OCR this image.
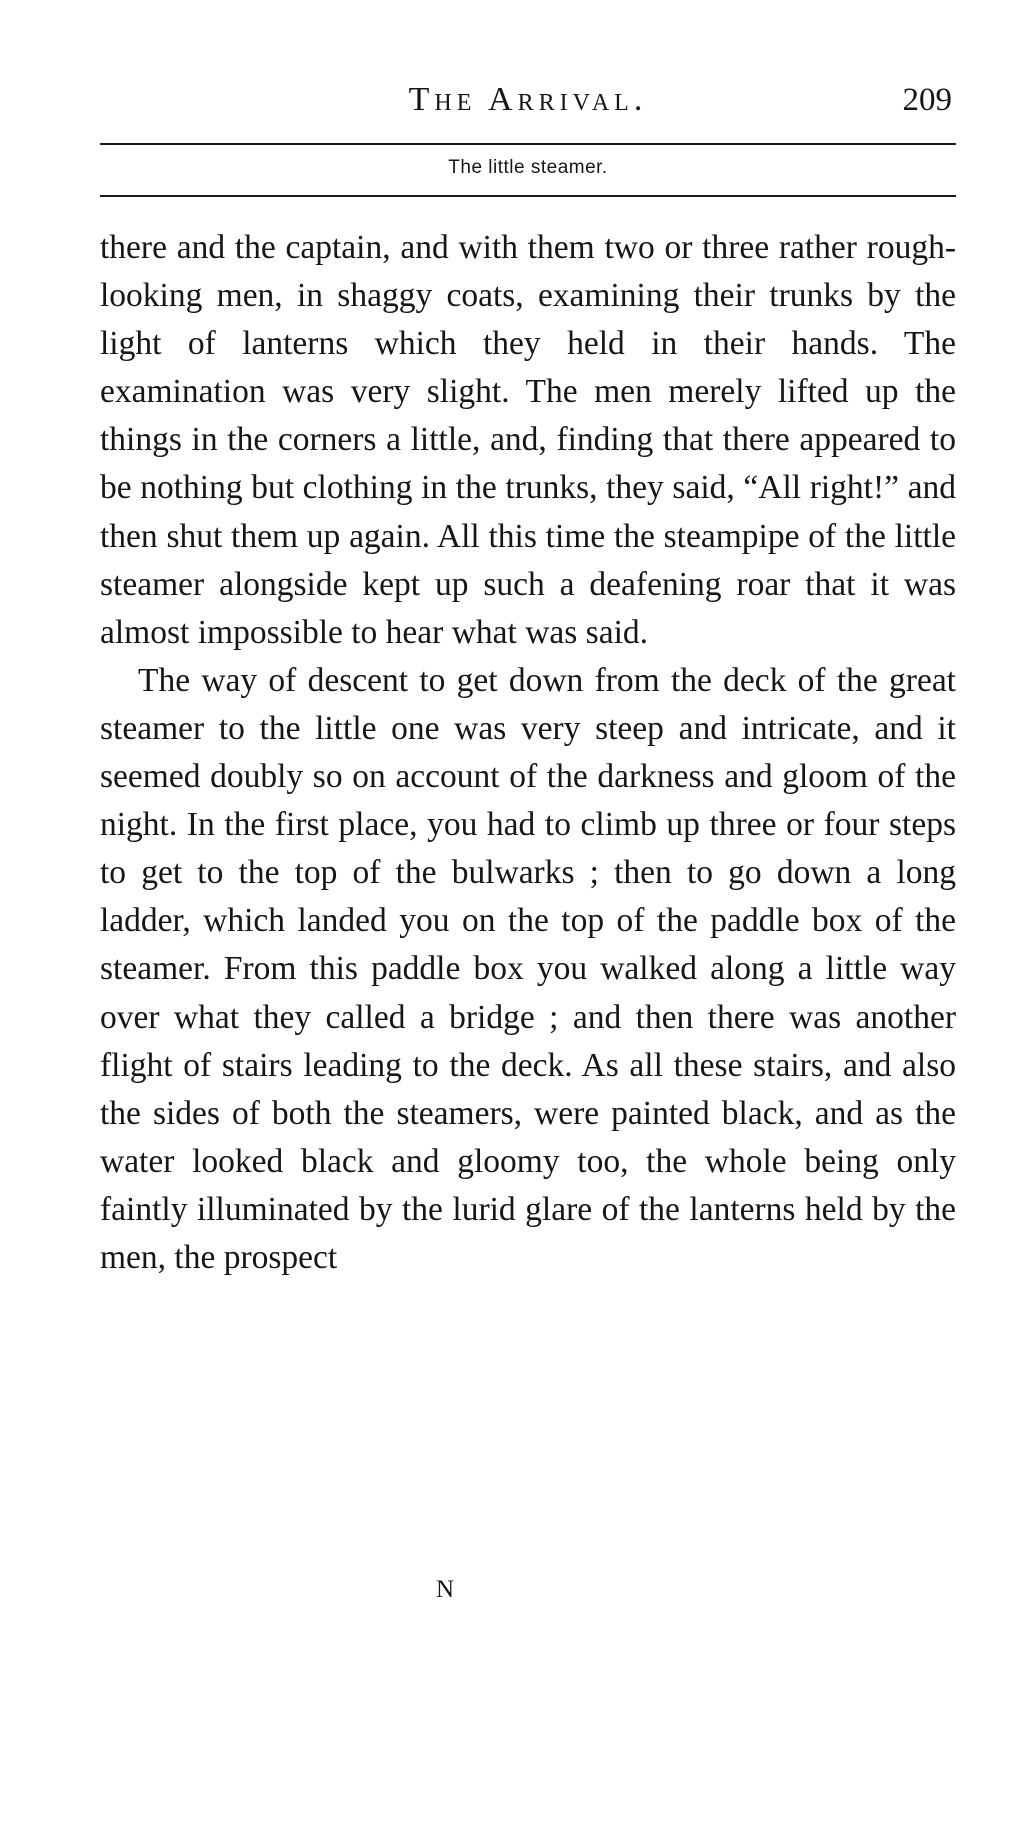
The Arrival.	209
The little steamer.

there and the captain, and with them two or three rather rough-looking men, in shaggy coats, examining their trunks by the light of lanterns which they held in their hands. The examination was very slight. The men merely lifted up the things in the corners a little, and, finding that there appeared to be nothing but clothing in the trunks, they said, “All right!” and then shut them up again. All this time the steampipe of the little steamer alongside kept up such a deafening roar that it was almost impossible to hear what was said.

The way of descent to get down from the deck of the great steamer to the little one was very steep and intricate, and it seemed doubly so on account of the darkness and gloom of the night. In the first place, you had to climb up three or four steps to get to the top of the bulwarks ; then to go down a long ladder, which landed you on the top of the paddle box of the steamer. From this paddle box you walked along a little way over what they called a bridge ; and then there was another flight of stairs leading to the deck. As all these stairs, and also the sides of both the steamers, were painted black, and as the water looked black and gloomy too, the whole being only faintly illuminated by the lurid glare of the lanterns held by the men, the prospect

N
